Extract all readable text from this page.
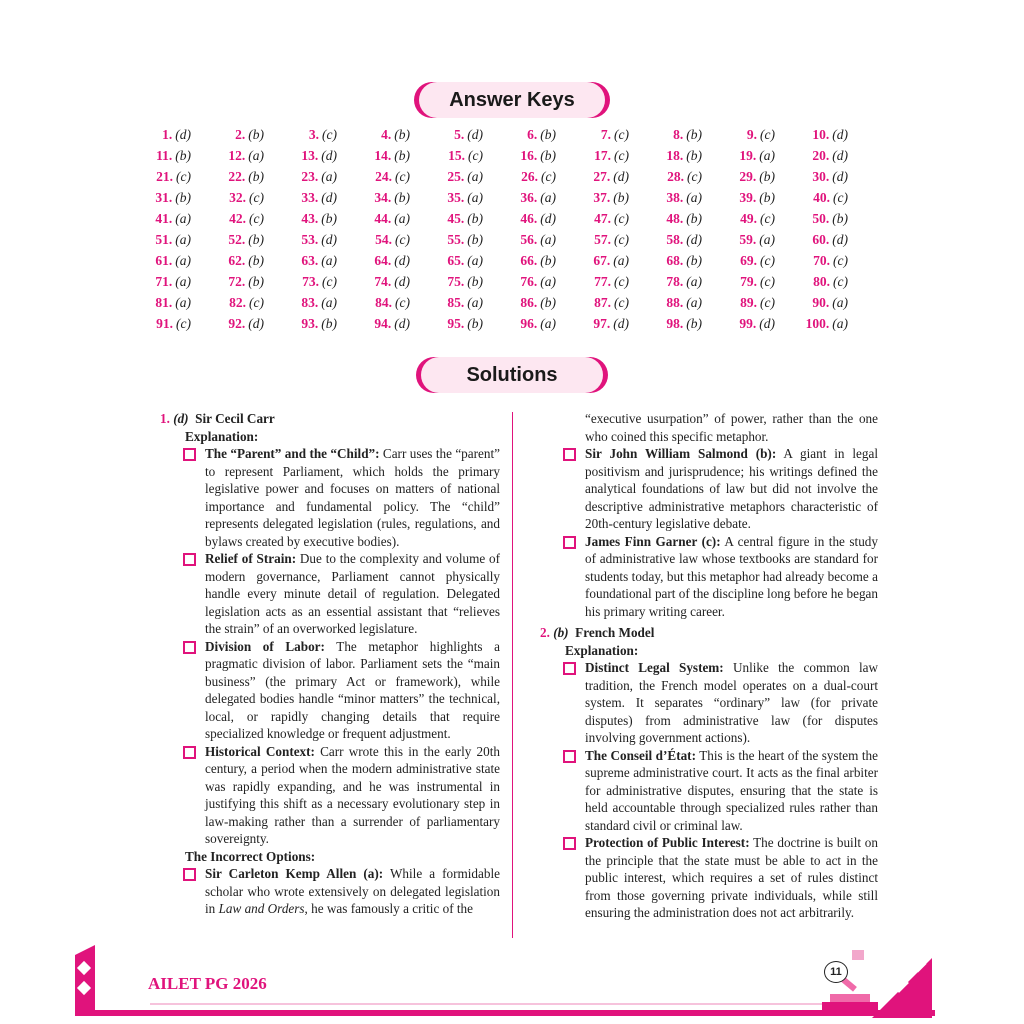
Answer Keys
1. (d)	2. (b)	3. (c)	4. (b)	5. (d)	6. (b)	7. (c)	8. (b)	9. (c)	10. (d)
11. (b)	12. (a)	13. (d)	14. (b)	15. (c)	16. (b)	17. (c)	18. (b)	19. (a)	20. (d)
21. (c)	22. (b)	23. (a)	24. (c)	25. (a)	26. (c)	27. (d)	28. (c)	29. (b)	30. (d)
31. (b)	32. (c)	33. (d)	34. (b)	35. (a)	36. (a)	37. (b)	38. (a)	39. (b)	40. (c)
41. (a)	42. (c)	43. (b)	44. (a)	45. (b)	46. (d)	47. (c)	48. (b)	49. (c)	50. (b)
51. (a)	52. (b)	53. (d)	54. (c)	55. (b)	56. (a)	57. (c)	58. (d)	59. (a)	60. (d)
61. (a)	62. (b)	63. (a)	64. (d)	65. (a)	66. (b)	67. (a)	68. (b)	69. (c)	70. (c)
71. (a)	72. (b)	73. (c)	74. (d)	75. (b)	76. (a)	77. (c)	78. (a)	79. (c)	80. (c)
81. (a)	82. (c)	83. (a)	84. (c)	85. (a)	86. (b)	87. (c)	88. (a)	89. (c)	90. (a)
91. (c)	92. (d)	93. (b)	94. (d)	95. (b)	96. (a)	97. (d)	98. (b)	99. (d) 100. (a)
Solutions
1. (d) Sir Cecil Carr
Explanation:
The “Parent” and the “Child”: Carr uses the “parent” to represent Parliament, which holds the primary legislative power and focuses on matters of national importance and fundamental policy. The “child” represents delegated legislation (rules, regulations, and bylaws created by executive bodies).
Relief of Strain: Due to the complexity and volume of modern governance, Parliament cannot physically handle every minute detail of regulation. Delegated legislation acts as an essential assistant that “relieves the strain” of an overworked legislature.
Division of Labor: The metaphor highlights a pragmatic division of labor. Parliament sets the “main business” (the primary Act or framework), while delegated bodies handle “minor matters” the technical, local, or rapidly changing details that require specialized knowledge or frequent adjustment.
Historical Context: Carr wrote this in the early 20th century, a period when the modern administrative state was rapidly expanding, and he was instrumental in justifying this shift as a necessary evolutionary step in law-making rather than a surrender of parliamentary sovereignty.
The Incorrect Options:
Sir Carleton Kemp Allen (a): While a formidable scholar who wrote extensively on delegated legislation in Law and Orders, he was famously a critic of the
“executive usurpation” of power, rather than the one who coined this specific metaphor.
Sir John William Salmond (b): A giant in legal positivism and jurisprudence; his writings defined the analytical foundations of law but did not involve the descriptive administrative metaphors characteristic of 20th-century legislative debate.
James Finn Garner (c): A central figure in the study of administrative law whose textbooks are standard for students today, but this metaphor had already become a foundational part of the discipline long before he began his primary writing career.
2. (b) French Model
Explanation:
Distinct Legal System: Unlike the common law tradition, the French model operates on a dual-court system. It separates “ordinary” law (for private disputes) from administrative law (for disputes involving government actions).
The Conseil d’État: This is the heart of the system the supreme administrative court. It acts as the final arbiter for administrative disputes, ensuring that the state is held accountable through specialized rules rather than standard civil or criminal law.
Protection of Public Interest: The doctrine is built on the principle that the state must be able to act in the public interest, which requires a set of rules distinct from those governing private individuals, while still ensuring the administration does not act arbitrarily.
AILET PG 2026
11
